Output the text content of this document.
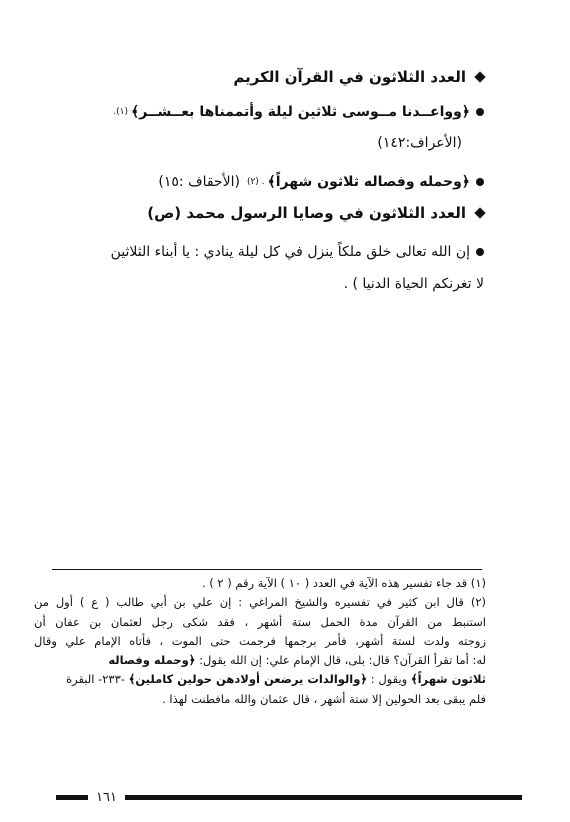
العدد الثلاثون في القرآن الكريم
﴿وواعــدنا مــوسى ثلاثين ليلة وأتممناها بعــشــر﴾
(١).
(الأعراف:١٤٢)
﴿وحمله وفصاله ثلاثون شهراً﴾
. (٢)
(الأحقاف :١٥)
العدد الثلاثون في وصايا الرسول محمد (ص)
إن الله تعالى خلق ملكاً ينزل في كل ليلة ينادي : يا أبناء الثلاثين
لا تغرنكم الحياة الدنيا ) .
(١) قد جاء تفسير هذه الآية في العدد ( ١٠ ) الآية رقم ( ٢ ) .
(٢) قال ابن كثير في تفسيره والشيخ المراغي : إن علي بن أبي طالب ( ع ) أول من
استنبط من القرآن مدة الحمل ستة أشهر ، فقد شكى رجل لعثمان بن عفان أن
زوجته ولدت لستة أشهر، فأمر برجمها فرجمت حتى الموت ، فأتاه الإمام علي وقال
له: أما تقرأ القرآن؟ قال: بلى، قال الإمام علي: إن الله يقول: ﴿وحمله وفصاله
ثلاثون شهراً﴾ ويقول : ﴿والوالدات يرضعن أولادهن حولين كاملين﴾ -٢٣٣- البقرة
فلم يبقى بعد الحولين إلا ستة أشهر ، قال عثمان والله مافطنت لهذا .
١٦١
